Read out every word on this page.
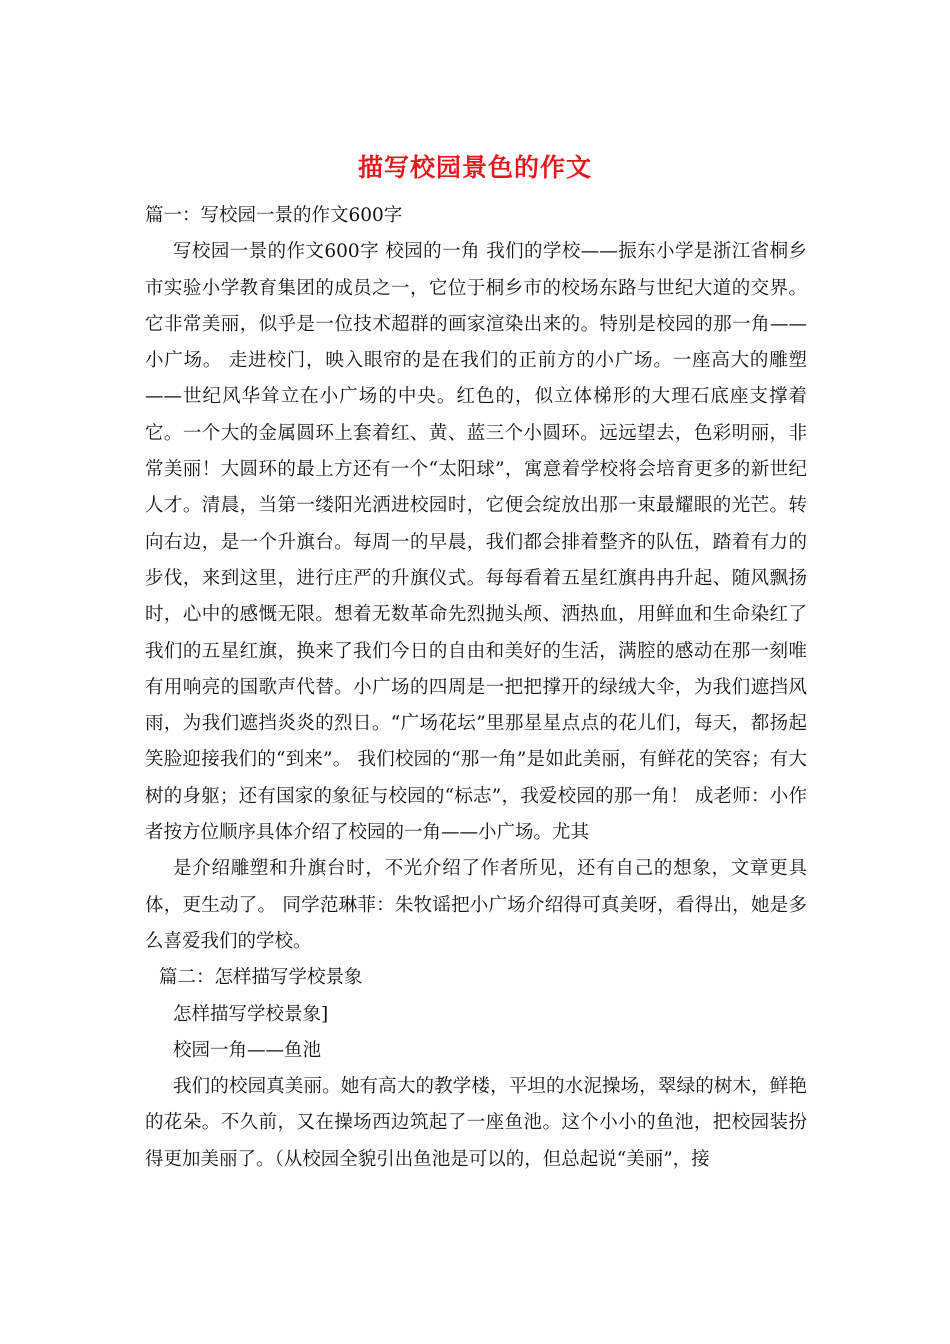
描写校园景色的作文

篇一：写校园一景的作文600字

写校园一景的作文600字 校园的一角 我们的学校——振东小学是浙江省桐乡市实验小学教育集团的成员之一，它位于桐乡市的校场东路与世纪大道的交界。它非常美丽，似乎是一位技术超群的画家渲染出来的。特别是校园的那一角——小广场。 走进校门，映入眼帘的是在我们的正前方的小广场。一座高大的雕塑——世纪风华耸立在小广场的中央。红色的，似立体梯形的大理石底座支撑着它。一个大的金属圆环上套着红、黄、蓝三个小圆环。远远望去，色彩明丽，非常美丽！大圆环的最上方还有一个“太阳球”，寓意着学校将会培育更多的新世纪人才。清晨，当第一缕阳光洒进校园时，它便会绽放出那一束最耀眼的光芒。转向右边，是一个升旗台。每周一的早晨，我们都会排着整齐的队伍，踏着有力的步伐，来到这里，进行庄严的升旗仪式。每每看着五星红旗冉冉升起、随风飘扬时，心中的感慨无限。想着无数革命先烈抛头颅、洒热血，用鲜血和生命染红了我们的五星红旗，换来了我们今日的自由和美好的生活，满腔的感动在那一刻唯有用响亮的国歌声代替。小广场的四周是一把把撑开的绿绒大伞，为我们遮挡风雨，为我们遮挡炎炎的烈日。“广场花坛”里那星星点点的花儿们，每天，都扬起笑脸迎接我们的“到来”。 我们校园的“那一角”是如此美丽，有鲜花的笑容；有大树的身躯；还有国家的象征与校园的“标志”，我爱校园的那一角！ 成老师：小作者按方位顺序具体介绍了校园的一角——小广场。尤其

是介绍雕塑和升旗台时，不光介绍了作者所见，还有自己的想象，文章更具体，更生动了。 同学范琳菲：朱牧谣把小广场介绍得可真美呀，看得出，她是多么喜爱我们的学校。

篇二：怎样描写学校景象

怎样描写学校景象]

校园一角——鱼池

我们的校园真美丽。她有高大的教学楼，平坦的水泥操场，翠绿的树木，鲜艳的花朵。不久前，又在操场西边筑起了一座鱼池。这个小小的鱼池，把校园装扮得更加美丽了。（从校园全貌引出鱼池是可以的，但总起说“美丽”，接
